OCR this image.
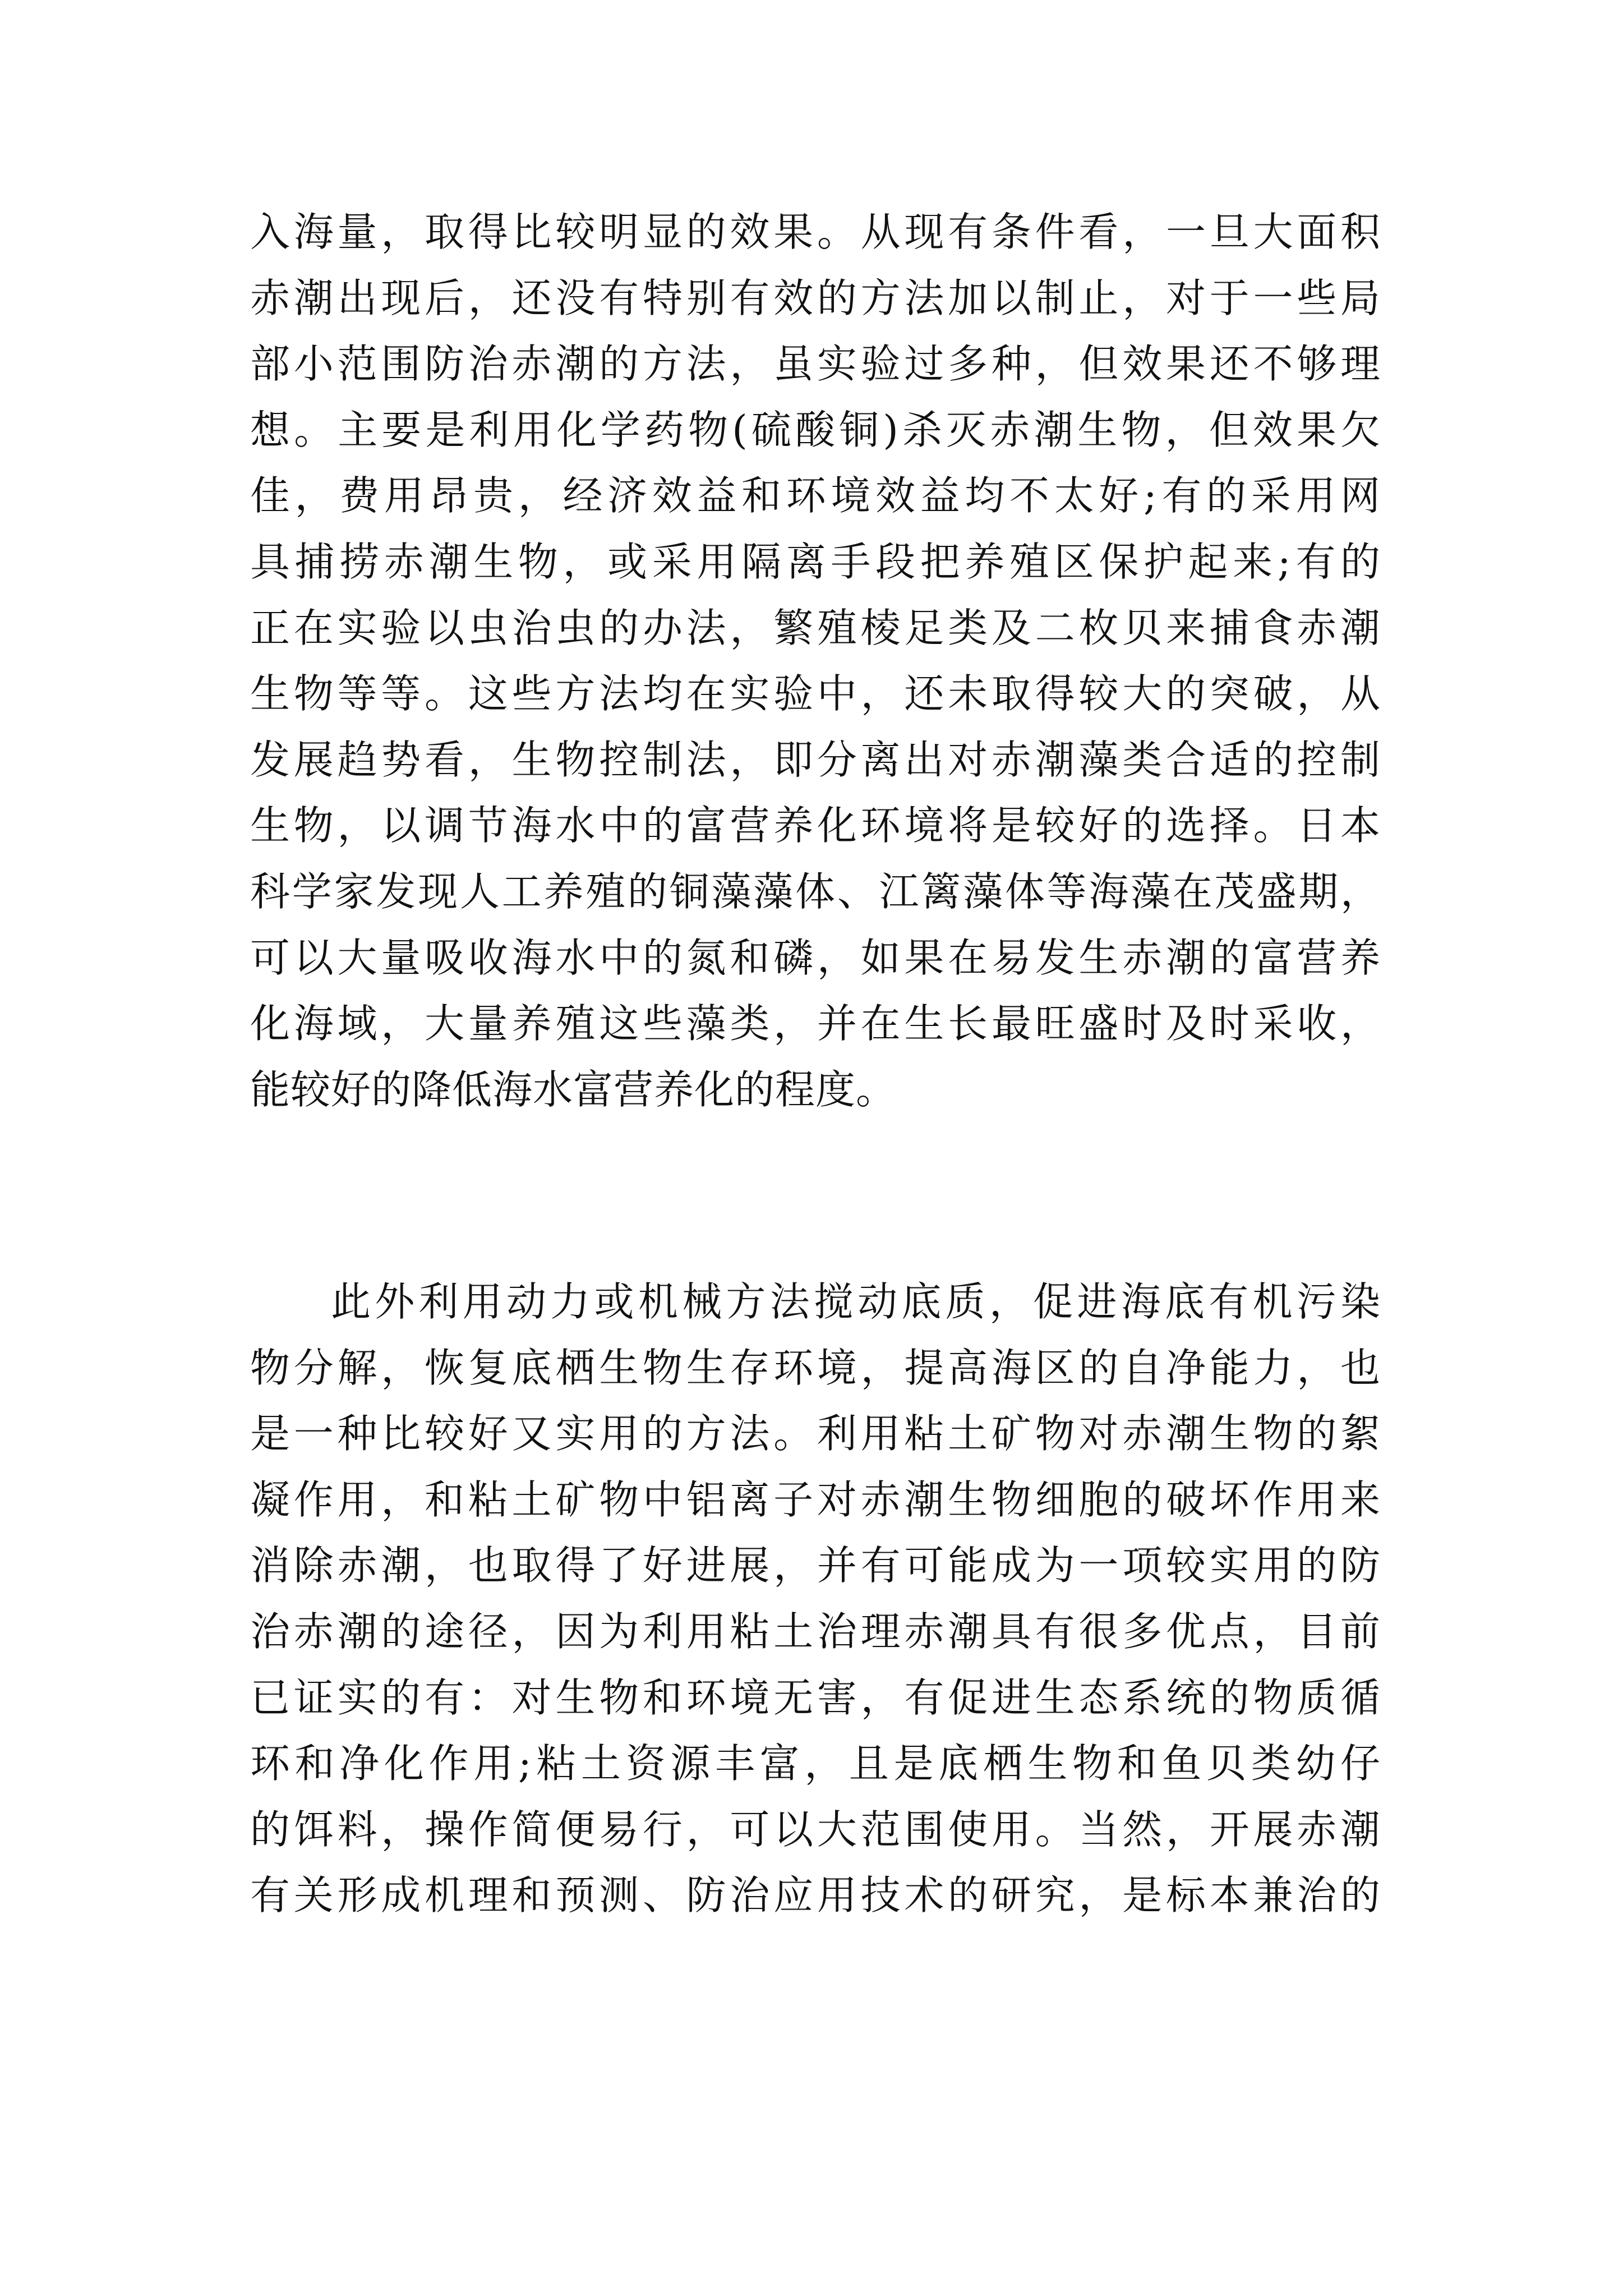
入海量，取得比较明显的效果。从现有条件看，一旦大面积
赤潮出现后，还没有特别有效的方法加以制止，对于一些局
部小范围防治赤潮的方法，虽实验过多种，但效果还不够理
想。主要是利用化学药物(硫酸铜)杀灭赤潮生物，但效果欠
佳，费用昂贵，经济效益和环境效益均不太好;有的采用网
具捕捞赤潮生物，或采用隔离手段把养殖区保护起来;有的
正在实验以虫治虫的办法，繁殖棱足类及二枚贝来捕食赤潮
生物等等。这些方法均在实验中，还未取得较大的突破，从
发展趋势看，生物控制法，即分离出对赤潮藻类合适的控制
生物，以调节海水中的富营养化环境将是较好的选择。日本
科学家发现人工养殖的铜藻藻体、江篱藻体等海藻在茂盛期，
可以大量吸收海水中的氮和磷，如果在易发生赤潮的富营养
化海域，大量养殖这些藻类，并在生长最旺盛时及时采收，
能较好的降低海水富营养化的程度。
此外利用动力或机械方法搅动底质，促进海底有机污染
物分解，恢复底栖生物生存环境，提高海区的自净能力，也
是一种比较好又实用的方法。利用粘土矿物对赤潮生物的絮
凝作用，和粘土矿物中铝离子对赤潮生物细胞的破坏作用来
消除赤潮，也取得了好进展，并有可能成为一项较实用的防
治赤潮的途径，因为利用粘土治理赤潮具有很多优点，目前
已证实的有：对生物和环境无害，有促进生态系统的物质循
环和净化作用;粘土资源丰富，且是底栖生物和鱼贝类幼仔
的饵料，操作简便易行，可以大范围使用。当然，开展赤潮
有关形成机理和预测、防治应用技术的研究，是标本兼治的
